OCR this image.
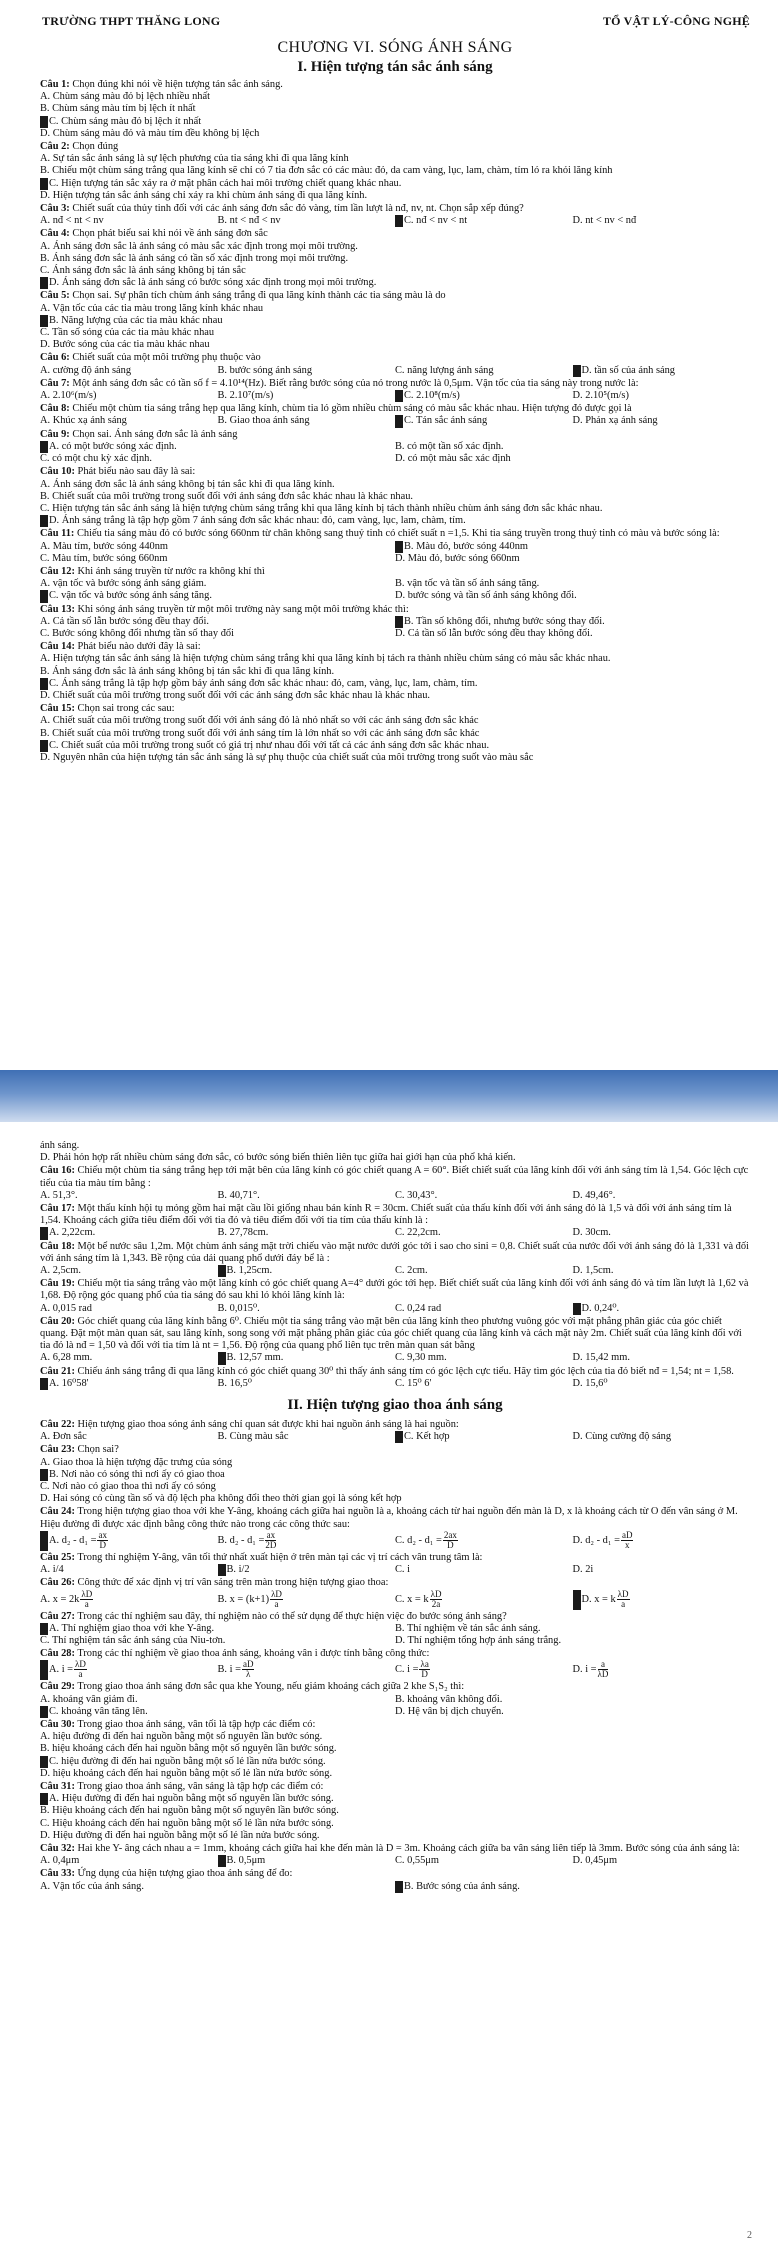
TRƯỜNG THPT THĂNG LONG	TỔ VẬT LÝ-CÔNG NGHỆ
CHƯƠNG VI. SÓNG ÁNH SÁNG
I. Hiện tượng tán sắc ánh sáng
Câu 1: Chọn đúng khi nói về hiện tượng tán sắc ánh sáng.
A. Chùm sáng màu đỏ bị lệch nhiều nhất
B. Chùm sáng màu tím bị lệch ít nhất
C. Chùm sáng màu đỏ bị lệch ít nhất
D. Chùm sáng màu đỏ và màu tím đều không bị lệch
Câu 2: Chọn đúng
A. Sự tán sắc ánh sáng là sự lệch phương của tia sáng khi đi qua lăng kính
B. Chiếu một chùm sáng trắng qua lăng kính sẽ chỉ có 7 tia đơn sắc có các màu: đỏ, da cam vàng, lục, lam, chàm, tím ló ra khỏi lăng kính
C. Hiện tượng tán sắc xảy ra ở mặt phân cách hai môi trường chiết quang khác nhau.
D. Hiện tượng tán sắc ánh sáng chỉ xảy ra khi chùm ánh sáng đi qua lăng kính.
Câu 3: Chiết suất của thủy tinh đối với các ánh sáng đơn sắc đỏ vàng, tím lần lượt là nđ, nv, nt. Chọn sắp xếp đúng?
A. nđ < nt < nv	B. nt < nđ < nv	C. nđ < nv < nt	D. nt < nv < nđ
Câu 4: Chọn phát biểu sai khi nói về ánh sáng đơn sắc
A. Ánh sáng đơn sắc là ánh sáng có màu sắc xác định trong mọi môi trường.
B. Ánh sáng đơn sắc là ánh sáng có tần số xác định trong mọi môi trường.
C. Ánh sáng đơn sắc là ánh sáng không bị tán sắc
D. Ánh sáng đơn sắc là ánh sáng có bước sóng xác định trong mọi môi trường.
Câu 5: Chọn sai. Sự phân tích chùm ánh sáng trắng đi qua lăng kính thành các tia sáng màu là do
A. Vận tốc của các tia màu trong lăng kính khác nhau
B. Năng lượng của các tia màu khác nhau
C. Tần số sóng của các tia màu khác nhau
D. Bước sóng của các tia màu khác nhau
Câu 6: Chiết suất của một môi trường phụ thuộc vào
A. cường độ ánh sáng	B. bước sóng ánh sáng	C. năng lượng ánh sáng	D. tần số của ánh sáng
Câu 7: Một ánh sáng đơn sắc có tần số f = 4.10¹⁴(Hz). Biết rằng bước sóng của nó trong nước là 0,5μm. Vận tốc của tia sáng này trong nước là:
A. 2.10⁶(m/s)	B. 2.10⁷(m/s)	C. 2.10⁸(m/s)	D. 2.10⁵(m/s)
Câu 8: Chiếu một chùm tia sáng trắng hẹp qua lăng kính, chùm tia ló gồm nhiều chùm sáng có màu sắc khác nhau. Hiện tượng đó được gọi là
A. Khúc xạ ánh sáng	B. Giao thoa ánh sáng	C. Tán sắc ánh sáng	D. Phản xạ ánh sáng
Câu 9: Chọn sai. Ánh sáng đơn sắc là ánh sáng
A. có một bước sóng xác định.	B. có một tần số xác định.
C. có một chu kỳ xác định.	D. có một màu sắc xác định
Câu 10: Phát biểu nào sau đây là sai:
A. Ánh sáng đơn sắc là ánh sáng không bị tán sắc khi đi qua lăng kính.
B. Chiết suất của môi trường trong suốt đối với ánh sáng đơn sắc khác nhau là khác nhau.
C. Hiện tượng tán sắc ánh sáng là hiện tượng chùm sáng trắng khi qua lăng kính bị tách thành nhiều chùm ánh sáng đơn sắc khác nhau.
D. Ánh sáng trắng là tập hợp gồm 7 ánh sáng đơn sắc khác nhau: đỏ, cam vàng, lục, lam, chàm, tím.
Câu 11: Chiếu tia sáng màu đỏ có bước sóng 660nm từ chân không sang thuỷ tinh có chiết suất n =1,5. Khi tia sáng truyền trong thuỷ tinh có màu và bước sóng là:
A. Màu tím, bước sóng 440nm	B. Màu đỏ, bước sóng 440nm
C. Màu tím, bước sóng 660nm	D. Màu đỏ, bước sóng 660nm
Câu 12: Khi ánh sáng truyền từ nước ra không khí thì
A. vận tốc và bước sóng ánh sáng giảm.	B. vận tốc và tần số ánh sáng tăng.
C. vận tốc và bước sóng ánh sáng tăng.	D. bước sóng và tần số ánh sáng không đổi.
Câu 13: Khi sóng ánh sáng truyền từ một môi trường này sang một môi trường khác thì:
A. Cả tần số lẫn bước sóng đều thay đổi.	B. Tần số không đổi, nhưng bước sóng thay đổi.
C. Bước sóng không đổi nhưng tần số thay đổi	D. Cả tần số lẫn bước sóng đều thay không đổi.
Câu 14: Phát biểu nào dưới đây là sai:
A. Hiện tượng tán sắc ánh sáng là hiện tượng chùm sáng trắng khi qua lăng kính bị tách ra thành nhiều chùm sáng có màu sắc khác nhau.
B. Ánh sáng đơn sắc là ánh sáng không bị tán sắc khi đi qua lăng kính.
C. Ánh sáng trắng là tập hợp gồm bảy ánh sáng đơn sắc khác nhau: đỏ, cam, vàng, lục, lam, chàm, tím.
D. Chiết suất của môi trường trong suốt đối với các ánh sáng đơn sắc khác nhau là khác nhau.
Câu 15: Chọn sai trong các sau:
A. Chiết suất của môi trường trong suốt đối với ánh sáng đỏ là nhỏ nhất so với các ánh sáng đơn sắc khác
B. Chiết suất của môi trường trong suốt đối với ánh sáng tím là lớn nhất so với các ánh sáng đơn sắc khác
C. Chiết suất của môi trường trong suốt có giá trị như nhau đối với tất cả các ánh sáng đơn sắc khác nhau.
D. Nguyên nhân của hiện tượng tán sắc ánh sáng là sự phụ thuộc của chiết suất của môi trường trong suốt vào màu sắc
ánh sáng.
D. Phải hỏn hợp rất nhiều chùm sáng đơn sắc, có bước sóng biến thiên liên tục giữa hai giới hạn của phổ khả kiến.
Câu 16: Chiếu một chùm tia sáng trắng hẹp tới mặt bên của lăng kính có góc chiết quang A = 60°. Biết chiết suất của lăng kính đối với ánh sáng tím là 1,54. Góc lệch cực tiểu của tia màu tím bằng :
A. 51,3°.	B. 40,71°.	C. 30,43°.	D. 49,46°.
Câu 17: Một thấu kính hội tụ mỏng gồm hai mặt cầu lồi giống nhau bán kính R = 30cm. Chiết suất của thấu kính đối với ánh sáng đỏ là 1,5 và đối với ánh sáng tím là 1,54. Khoảng cách giữa tiêu điểm đối với tia đỏ và tiêu điểm đối với tia tím của thấu kính là :
A. 2,22cm.	B. 27,78cm.	C. 22,2cm.	D. 30cm.
Câu 18: Một bể nước sâu 1,2m. Một chùm ánh sáng mặt trời chiếu vào mặt nước dưới góc tới i sao cho sini = 0,8. Chiết suất của nước đối với ánh sáng đỏ là 1,331 và đối với ánh sáng tím là 1,343. Bề rộng của dải quang phổ dưới đáy bể là :
A. 2,5cm.	B. 1,25cm.	C. 2cm.	D. 1,5cm.
Câu 19: Chiếu một tia sáng trắng vào một lăng kính có góc chiết quang A=4° dưới góc tới hẹp. Biết chiết suất của lăng kính đối với ánh sáng đỏ và tím lần lượt là 1,62 và 1,68. Độ rộng góc quang phổ của tia sáng đó sau khi ló khỏi lăng kính là:
A. 0,015 rad	B. 0,015⁰.	C. 0,24 rad	D. 0,24⁰.
Câu 20: Góc chiết quang của lăng kính bằng 6⁰. Chiếu một tia sáng trắng vào mặt bên của lăng kính theo phương vuông góc với mặt phẳng phân giác của góc chiết quang. Đặt một màn quan sát, sau lăng kính, song song với mặt phẳng phân giác của góc chiết quang của lăng kính và cách mặt này 2m. Chiết suất của lăng kính đối với tia đỏ là nđ = 1,50 và đối với tia tím là nt = 1,56. Độ rộng của quang phổ liên tục trên màn quan sát bằng
A. 6,28 mm.	B. 12,57 mm.	C. 9,30 mm.	D. 15,42 mm.
Câu 21: Chiếu ánh sáng trắng đi qua lăng kính có góc chiết quang 30⁰ thì thấy ánh sáng tím có góc lệch cực tiểu. Hãy tìm góc lệch của tia đỏ biết nđ = 1,54; nt = 1,58.
A. 16⁰58'	B. 16,5⁰	C. 15⁰ 6'	D. 15,6⁰
II. Hiện tượng giao thoa ánh sáng
Câu 22: Hiện tượng giao thoa sóng ánh sáng chỉ quan sát được khi hai nguồn ánh sáng là hai nguồn:
A. Đơn sắc	B. Cùng màu sắc	C. Kết hợp	D. Cùng cường độ sáng
Câu 23: Chọn sai?
A. Giao thoa là hiện tượng đặc trưng của sóng
B. Nơi nào có sóng thì nơi ấy có giao thoa
C. Nơi nào có giao thoa thì nơi ấy có sóng
D. Hai sóng có cùng tần số và độ lệch pha không đổi theo thời gian gọi là sóng kết hợp
Câu 24: Trong hiện tượng giao thoa với khe Y-âng, khoảng cách giữa hai nguồn là a, khoảng cách từ hai nguồn đến màn là D, x là khoảng cách từ O đến vân sáng ở M. Hiệu đường đi được xác định bằng công thức nào trong các công thức sau:
A. $d_2 - d_1 = \frac{ax}{D}$	B. $d_2 - d_1 = \frac{ax}{2D}$	C. $d_2 - d_1 = \frac{2ax}{D}$	D. $d_2 - d_1 = \frac{aD}{x}$
Câu 25: Trong thí nghiệm Y-âng, vân tối thứ nhất xuất hiện ở trên màn tại các vị trí cách vân trung tâm là:
A. i/4	B. i/2	C. i	D. 2i
Câu 26: Công thức để xác định vị trí vân sáng trên màn trong hiện tượng giao thoa:
A. $x = 2k \frac{\lambda D}{a}$	B. $x = (k+1) \frac{\lambda D}{a}$	C. x = k $\frac{\lambda D}{2a}$	D. x = k $\frac{\lambda D}{a}$
Câu 27: Trong các thí nghiệm sau đây, thí nghiệm nào có thể sử dụng để thực hiện việc đo bước sóng ánh sáng?
A. Thí nghiệm giao thoa với khe Y-âng.	B. Thí nghiệm về tán sắc ánh sáng.
C. Thí nghiệm tán sắc ánh sáng của Niu-tơn.	D. Thí nghiệm tổng hợp ánh sáng trắng.
Câu 28: Trong các thí nghiệm về giao thoa ánh sáng, khoảng vân i được tính bằng công thức:
A. $i = \frac{\lambda D}{a}$	B. $i = \frac{aD}{\lambda}$	C. $i = \frac{\lambda a}{D}$	D. $i = \frac{a}{\lambda D}$
Câu 29: Trong giao thoa ánh sáng đơn sắc qua khe Young, nếu giảm khoảng cách giữa 2 khe S₁S₂ thì:
A. khoảng vân giảm đi.	B. khoảng vân không đổi.
C. khoảng vân tăng lên.	D. Hệ vân bị dịch chuyển.
Câu 30: Trong giao thoa ánh sáng, vân tối là tập hợp các điểm có:
A. hiệu đường đi đến hai nguồn bằng một số nguyên lần bước sóng.
B. hiệu khoảng cách đến hai nguồn bằng một số nguyên lần bước sóng.
C. hiệu đường đi đến hai nguồn bằng một số lẻ lần nửa bước sóng.
D. hiệu khoảng cách đến hai nguồn bằng một số lẻ lần nửa bước sóng.
Câu 31: Trong giao thoa ánh sáng, vân sáng là tập hợp các điểm có:
A. Hiệu đường đi đến hai nguồn bằng một số nguyên lần bước sóng.
B. Hiệu khoảng cách đến hai nguồn bằng một số nguyên lần bước sóng.
C. Hiệu khoảng cách đến hai nguồn bằng một số lẻ lần nửa bước sóng.
D. Hiệu đường đi đến hai nguồn bằng một số lẻ lần nửa bước sóng.
Câu 32: Hai khe Y- âng cách nhau a = 1mm, khoảng cách giữa hai khe đến màn là D = 3m. Khoảng cách giữa ba vân sáng liên tiếp là 3mm. Bước sóng của ánh sáng là:
A. 0,4μm	B. 0,5μm	C. 0,55μm	D. 0,45μm
Câu 33: Ứng dụng của hiện tượng giao thoa ánh sáng để đo:
A. Vận tốc của ánh sáng.	B. Bước sóng của ánh sáng.
2
